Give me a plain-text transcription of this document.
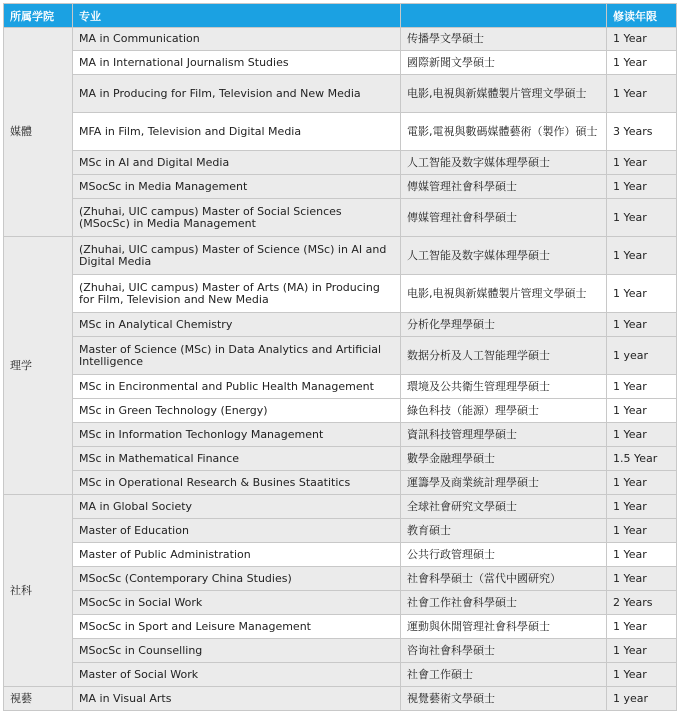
所属学院	专业		修读年限
媒體	MA in Communication	传播學文學碩士	1 Year
	MA in International Journalism Studies	國際新聞文學碩士	1 Year
	MA in Producing for Film, Television and New Media	电影,电視與新媒體製片管理文學碩士	1 Year
	MFA in Film, Television and Digital Media	電影,電視與數碼媒體藝術（製作）碩士	3 Years
	MSc in AI and Digital Media	人工智能及数字媒体理學碩士	1 Year
	MSocSc in Media Management	傳媒管理社會科學碩士	1 Year
	(Zhuhai, UIC campus) Master of Social Sciences (MSocSc) in Media Management	傳媒管理社會科學碩士	1 Year
理学	(Zhuhai, UIC campus) Master of Science (MSc) in AI and Digital Media	人工智能及数字媒体理學碩士	1 Year
	(Zhuhai, UIC campus) Master of Arts (MA) in Producing for Film, Television and New Media	电影,电視與新媒體製片管理文學碩士	1 Year
	MSc in Analytical Chemistry	分析化學理學碩士	1 Year
	Master of Science (MSc) in Data Analytics and Artificial Intelligence	数据分析及人工智能理学碩士	1 year
	MSc in Encironmental and Public Health Management	環境及公共衛生管理理學碩士	1 Year
	MSc in Green Technology (Energy)	綠色科技（能源）理學碩士	1 Year
	MSc in Information Techonlogy Management	資訊科技管理理學碩士	1 Year
	MSc in Mathematical Finance	數學金融理學碩士	1.5 Year
	MSc in Operational Research & Busines Staatitics	運籌學及商業統計理學碩士	1 Year
社科	MA in Global Society	全球社會研究文學碩士	1 Year
	Master of Education	教育碩士	1 Year
	Master of Public Administration	公共行政管理碩士	1 Year
	MSocSc (Contemporary China Studies)	社會科學碩士（當代中國研究）	1 Year
	MSocSc in Social Work	社會工作社會科學碩士	2 Years
	MSocSc in Sport and Leisure Management	運動與休閒管理社會科學碩士	1 Year
	MSocSc in Counselling	咨询社會科學碩士	1 Year
	Master of Social Work	社會工作碩士	1 Year
視藝	MA in Visual Arts	視覺藝術文學碩士	1 year
